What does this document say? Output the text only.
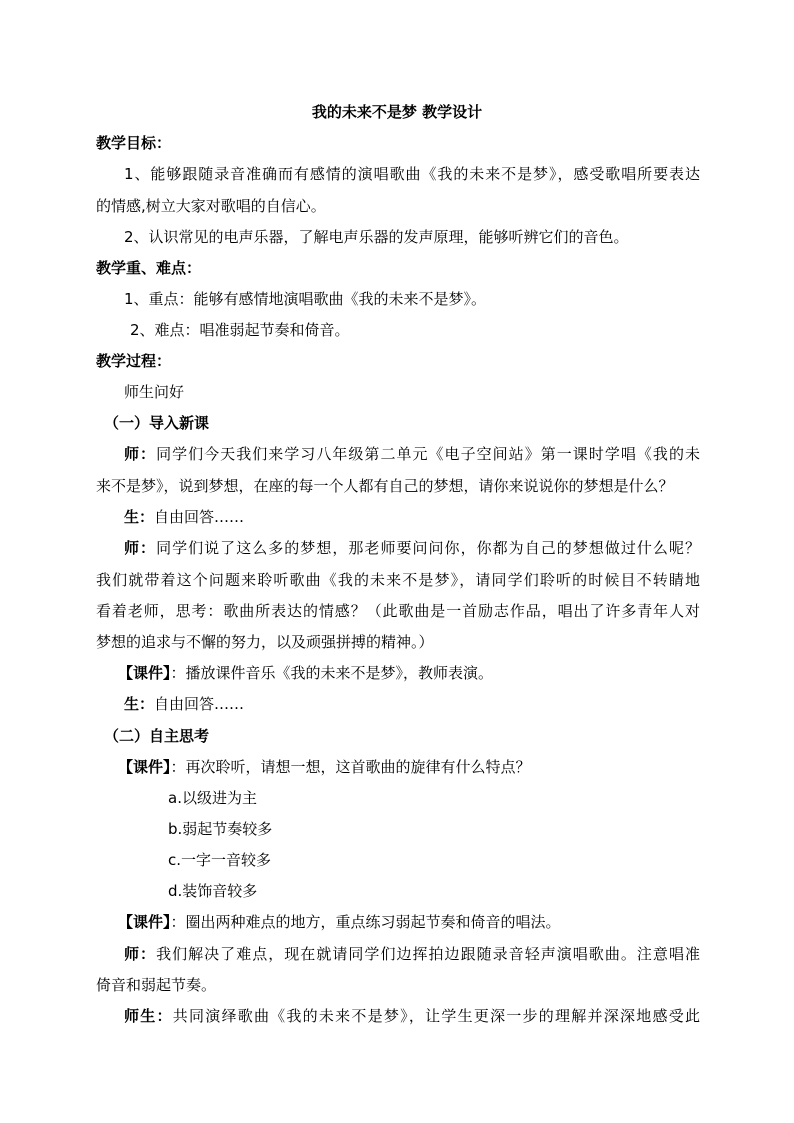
我的未来不是梦 教学设计
教学目标：
1、能够跟随录音准确而有感情的演唱歌曲《我的未来不是梦》，感受歌唱所要表达
的情感,树立大家对歌唱的自信心。
2、认识常见的电声乐器，了解电声乐器的发声原理，能够听辨它们的音色。
教学重、难点：
1、重点：能够有感情地演唱歌曲《我的未来不是梦》。
2、难点：唱准弱起节奏和倚音。
教学过程：
师生问好
（一）导入新课
师：同学们今天我们来学习八年级第二单元《电子空间站》第一课时学唱《我的未
来不是梦》，说到梦想，在座的每一个人都有自己的梦想，请你来说说你的梦想是什么？
生：自由回答……
师：同学们说了这么多的梦想，那老师要问问你，你都为自己的梦想做过什么呢？
我们就带着这个问题来聆听歌曲《我的未来不是梦》，请同学们聆听的时候目不转睛地
看着老师，思考：歌曲所表达的情感？（此歌曲是一首励志作品，唱出了许多青年人对
梦想的追求与不懈的努力，以及顽强拼搏的精神。）
【课件】：播放课件音乐《我的未来不是梦》，教师表演。
生：自由回答……
（二）自主思考
【课件】：再次聆听，请想一想，这首歌曲的旋律有什么特点？
a.以级进为主
b.弱起节奏较多
c.一字一音较多
d.装饰音较多
【课件】：圈出两种难点的地方，重点练习弱起节奏和倚音的唱法。
师：我们解决了难点，现在就请同学们边挥拍边跟随录音轻声演唱歌曲。注意唱准
倚音和弱起节奏。
师生：共同演绎歌曲《我的未来不是梦》，让学生更深一步的理解并深深地感受此
